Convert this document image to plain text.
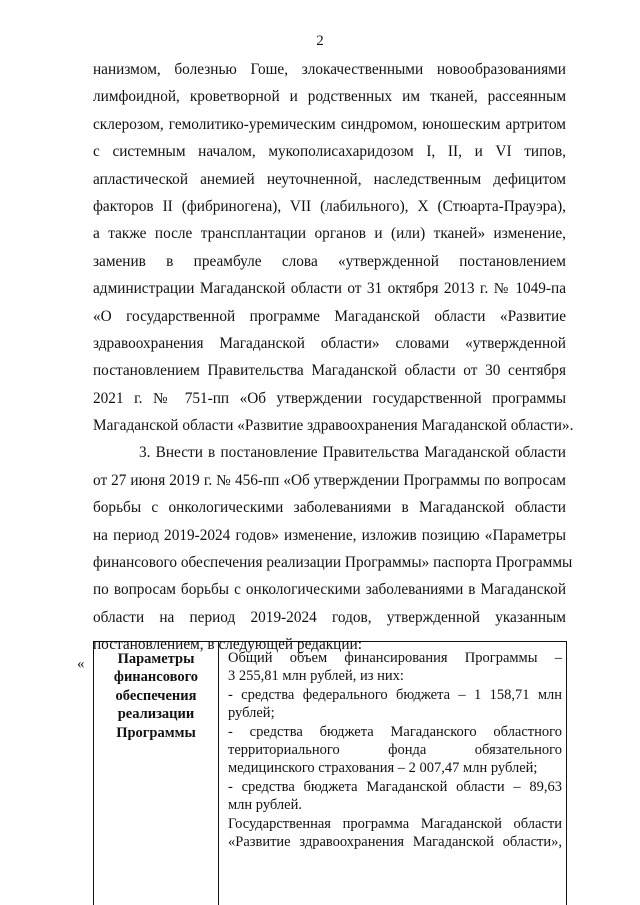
2
нанизмом, болезнью Гоше, злокачественными новообразованиями
лимфоидной, кроветворной и родственных им тканей, рассеянным
склерозом, гемолитико-уремическим синдромом, юношеским артритом
с системным началом, мукополисахаридозом I, II, и VI типов,
апластической анемией неуточненной, наследственным дефицитом
факторов II (фибриногена), VII (лабильного), X (Стюарта-Прауэра),
а также после трансплантации органов и (или) тканей» изменение,
заменив в преамбуле слова «утвержденной постановлением
администрации Магаданской области от 31 октября 2013 г. № 1049-па
«О государственной программе Магаданской области «Развитие
здравоохранения Магаданской области» словами «утвержденной
постановлением Правительства Магаданской области от 30 сентября
2021 г. № 751-пп «Об утверждении государственной программы
Магаданской области «Развитие здравоохранения Магаданской области».
3. Внести в постановление Правительства Магаданской области
от 27 июня 2019 г. № 456-пп «Об утверждении Программы по вопросам
борьбы с онкологическими заболеваниями в Магаданской области
на период 2019-2024 годов» изменение, изложив позицию «Параметры
финансового обеспечения реализации Программы» паспорта Программы
по вопросам борьбы с онкологическими заболеваниями в Магаданской
области на период 2019-2024 годов, утвержденной указанным
постановлением, в следующей редакции:
«	Параметры
финансового
обеспечения
реализации
Программы
Общий объем финансирования Программы –
3 255,81 млн рублей, из них:
- средства федерального бюджета – 1 158,71 млн
рублей;
- средства бюджета Магаданского областного
территориального фонда обязательного
медицинского страхования – 2 007,47 млн рублей;
- средства бюджета Магаданской области – 89,63
млн рублей.
Государственная программа Магаданской области
«Развитие здравоохранения Магаданской области»,
